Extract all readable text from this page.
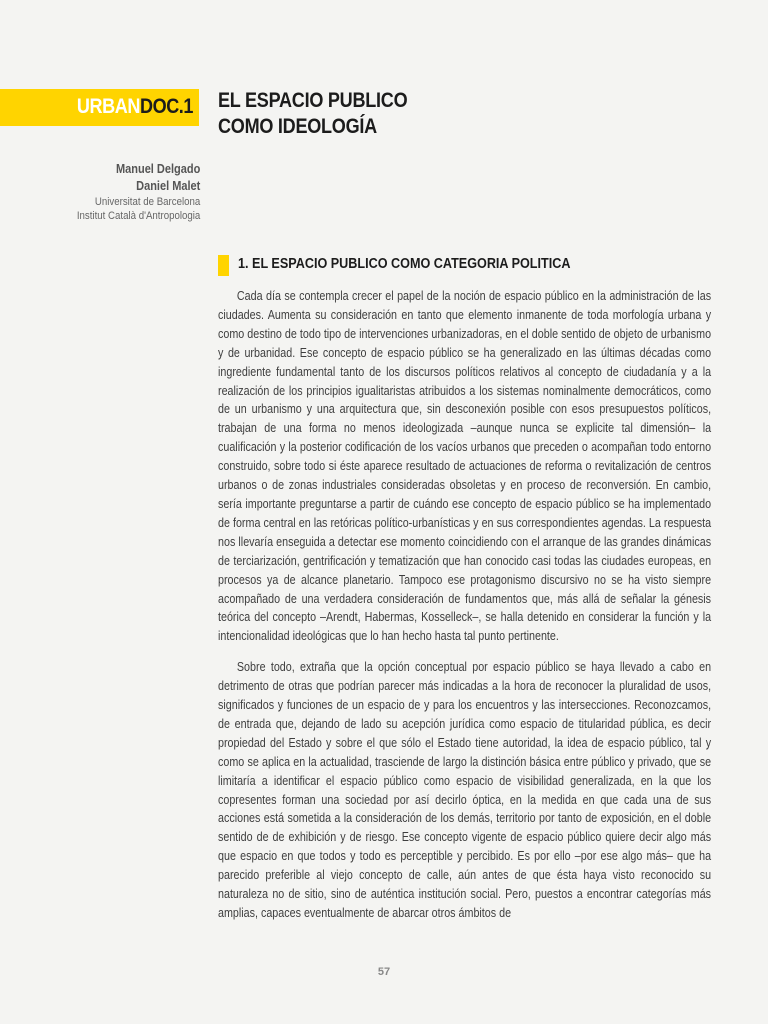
URBANDOC.1 EL ESPACIO PUBLICO
COMO IDEOLOGÍA
Manuel Delgado
Daniel Malet
Universitat de Barcelona
Institut Català d'Antropologia
1. EL ESPACIO PUBLICO COMO CATEGORIA POLITICA

Cada día se contempla crecer el papel de la noción de espacio público en la administración de las ciudades. Aumenta su consideración en tanto que elemento inmanente de toda morfología urbana y como destino de todo tipo de intervenciones urbanizadoras, en el doble sentido de objeto de urbanismo y de urbanidad. Ese concepto de espacio público se ha generalizado en las últimas décadas como ingrediente fundamental tanto de los discursos políticos relativos al concepto de ciudadanía y a la realización de los principios igualitaristas atribuidos a los sistemas nominalmente democráticos, como de un urbanismo y una arquitectura que, sin desconexión posible con esos presupuestos políticos, trabajan de una forma no menos ideologizada –aunque nunca se explicite tal dimensión– la cualificación y la posterior codificación de los vacíos urbanos que preceden o acompañan todo entorno construido, sobre todo si éste aparece resultado de actuaciones de reforma o revitalización de centros urbanos o de zonas industriales consideradas obsoletas y en proceso de reconversión. En cambio, sería importante preguntarse a partir de cuándo ese concepto de espacio público se ha implementado de forma central en las retóricas político-urbanísticas y en sus correspondientes agendas. La respuesta nos llevaría enseguida a detectar ese momento coincidiendo con el arranque de las grandes dinámicas de terciarización, gentrificación y tematización que han conocido casi todas las ciudades europeas, en procesos ya de alcance planetario. Tampoco ese protagonismo discursivo no se ha visto siempre acompañado de una verdadera consideración de fundamentos que, más allá de señalar la génesis teórica del concepto –Arendt, Habermas, Kosselleck–, se halla detenido en considerar la función y la intencionalidad ideológicas que lo han hecho hasta tal punto pertinente.

Sobre todo, extraña que la opción conceptual por espacio público se haya llevado a cabo en detrimento de otras que podrían parecer más indicadas a la hora de reconocer la pluralidad de usos, significados y funciones de un espacio de y para los encuentros y las intersecciones. Reconozcamos, de entrada que, dejando de lado su acepción jurídica como espacio de titularidad pública, es decir propiedad del Estado y sobre el que sólo el Estado tiene autoridad, la idea de espacio público, tal y como se aplica en la actualidad, trasciende de largo la distinción básica entre público y privado, que se limitaría a identificar el espacio público como espacio de visibilidad generalizada, en la que los copresentes forman una sociedad por así decirlo óptica, en la medida en que cada una de sus acciones está sometida a la consideración de los demás, territorio por tanto de exposición, en el doble sentido de de exhibición y de riesgo. Ese concepto vigente de espacio público quiere decir algo más que espacio en que todos y todo es perceptible y percibido. Es por ello –por ese algo más– que ha parecido preferible al viejo concepto de calle, aún antes de que ésta haya visto reconocido su naturaleza no de sitio, sino de auténtica institución social. Pero, puestos a encontrar categorías más amplias, capaces eventualmente de abarcar otros ámbitos de

57
